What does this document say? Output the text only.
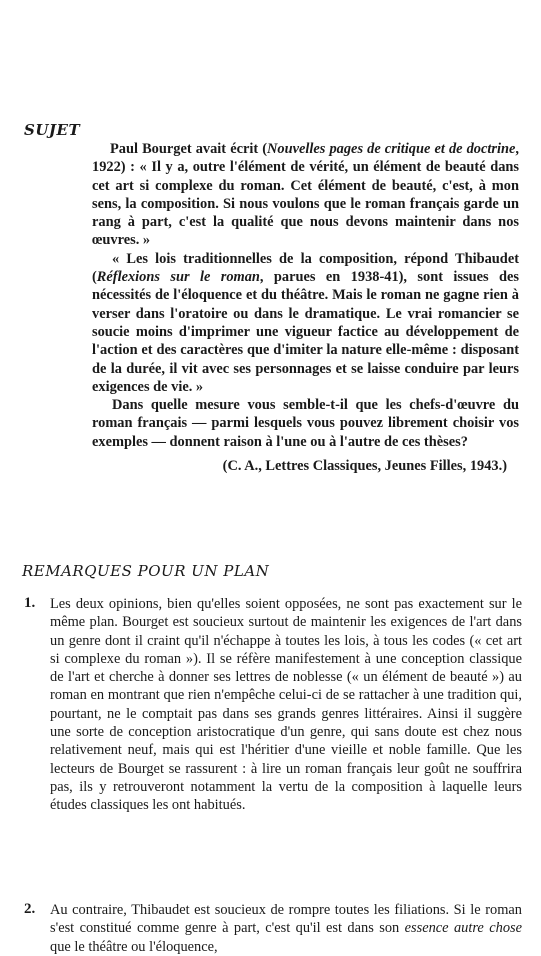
SUJET

Paul Bourget avait écrit (Nouvelles pages de critique et de doctrine, 1922) : « Il y a, outre l'élément de vérité, un élément de beauté dans cet art si complexe du roman. Cet élément de beauté, c'est, à mon sens, la composition. Si nous voulons que le roman français garde un rang à part, c'est la qualité que nous devons maintenir dans nos œuvres. »

« Les lois traditionnelles de la composition, répond Thibaudet (Réflexions sur le roman, parues en 1938-41), sont issues des nécessités de l'éloquence et du théâtre. Mais le roman ne gagne rien à verser dans l'oratoire ou dans le dramatique. Le vrai romancier se soucie moins d'imprimer une vigueur factice au développement de l'action et des caractères que d'imiter la nature elle-même : disposant de la durée, il vit avec ses personnages et se laisse conduire par leurs exigences de vie. »

Dans quelle mesure vous semble-t-il que les chefs-d'œuvre du roman français — parmi lesquels vous pouvez librement choisir vos exemples — donnent raison à l'une ou à l'autre de ces thèses?

(C. A., Lettres Classiques, Jeunes Filles, 1943.)

REMARQUES POUR UN PLAN
1. Les deux opinions, bien qu'elles soient opposées, ne sont pas exactement sur le même plan. Bourget est soucieux surtout de maintenir les exigences de l'art dans un genre dont il craint qu'il n'échappe à toutes les lois, à tous les codes (« cet art si complexe du roman »). Il se réfère manifestement à une conception classique de l'art et cherche à donner ses lettres de noblesse (« un élément de beauté ») au roman en montrant que rien n'empêche celui-ci de se rattacher à une tradition qui, pourtant, ne le comptait pas dans ses grands genres littéraires. Ainsi il suggère une sorte de conception aristocratique d'un genre, qui sans doute est chez nous relativement neuf, mais qui est l'héritier d'une vieille et noble famille. Que les lecteurs de Bourget se rassurent : à lire un roman français leur goût ne souffrira pas, ils y retrouveront notamment la vertu de la composition à laquelle leurs études classiques les ont habitués.
2. Au contraire, Thibaudet est soucieux de rompre toutes les filiations. Si le roman s'est constitué comme genre à part, c'est qu'il est dans son essence autre chose que le théâtre ou l'éloquence,
